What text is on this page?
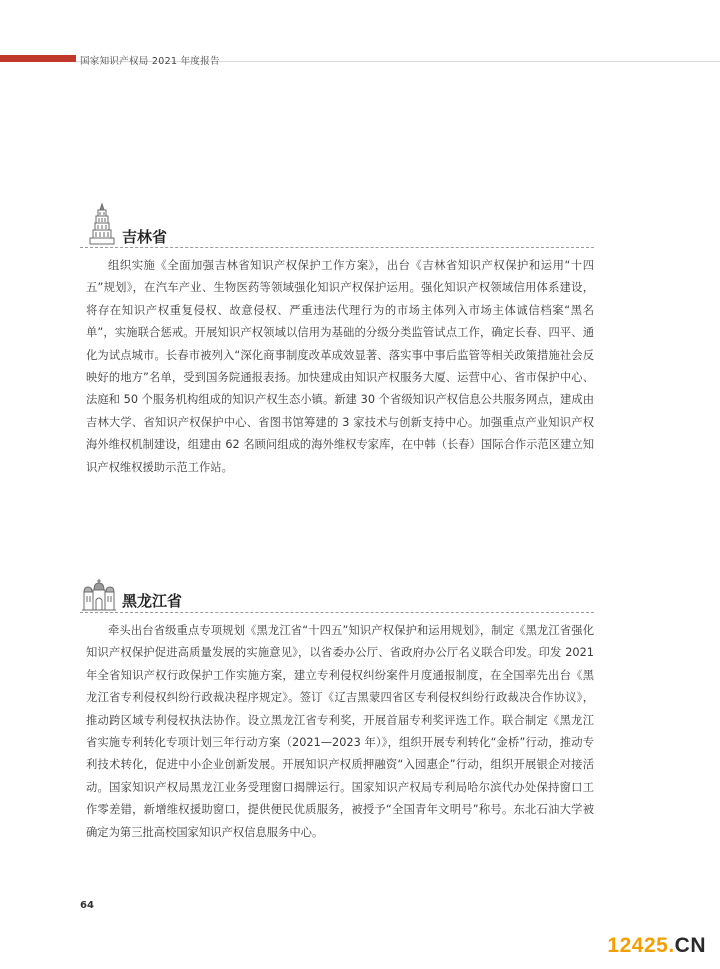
国家知识产权局 2021 年度报告
吉林省
组织实施《全面加强吉林省知识产权保护工作方案》，出台《吉林省知识产权保护和运用“十四五”规划》，在汽车产业、生物医药等领域强化知识产权保护运用。强化知识产权领域信用体系建设，将存在知识产权重复侵权、故意侵权、严重违法代理行为的市场主体列入市场主体诚信档案“黑名单”，实施联合惩戒。开展知识产权领域以信用为基础的分级分类监管试点工作，确定长春、四平、通化为试点城市。长春市被列入“深化商事制度改革成效显著、落实事中事后监管等相关政策措施社会反映好的地方”名单，受到国务院通报表扬。加快建成由知识产权服务大厦、运营中心、省市保护中心、法庭和 50 个服务机构组成的知识产权生态小镇。新建 30 个省级知识产权信息公共服务网点，建成由吉林大学、省知识产权保护中心、省图书馆筹建的 3 家技术与创新支持中心。加强重点产业知识产权海外维权机制建设，组建由 62 名顾问组成的海外维权专家库，在中韩（长春）国际合作示范区建立知识产权维权援助示范工作站。
黑龙江省
牵头出台省级重点专项规划《黑龙江省“十四五”知识产权保护和运用规划》，制定《黑龙江省强化知识产权保护促进高质量发展的实施意见》，以省委办公厅、省政府办公厅名义联合印发。印发 2021 年全省知识产权行政保护工作实施方案，建立专利侵权纠纷案件月度通报制度，在全国率先出台《黑龙江省专利侵权纠纷行政裁决程序规定》。签订《辽吉黑蒙四省区专利侵权纠纷行政裁决合作协议》，推动跨区域专利侵权执法协作。设立黑龙江省专利奖，开展首届专利奖评选工作。联合制定《黑龙江省实施专利转化专项计划三年行动方案（2021—2023 年）》，组织开展专利转化“金桥”行动，推动专利技术转化，促进中小企业创新发展。开展知识产权质押融资“入园惠企”行动，组织开展银企对接活动。国家知识产权局黑龙江业务受理窗口揭牌运行。国家知识产权局专利局哈尔滨代办处保持窗口工作零差错，新增维权援助窗口，提供便民优质服务，被授予“全国青年文明号”称号。东北石油大学被确定为第三批高校国家知识产权信息服务中心。
64
12425.CN
